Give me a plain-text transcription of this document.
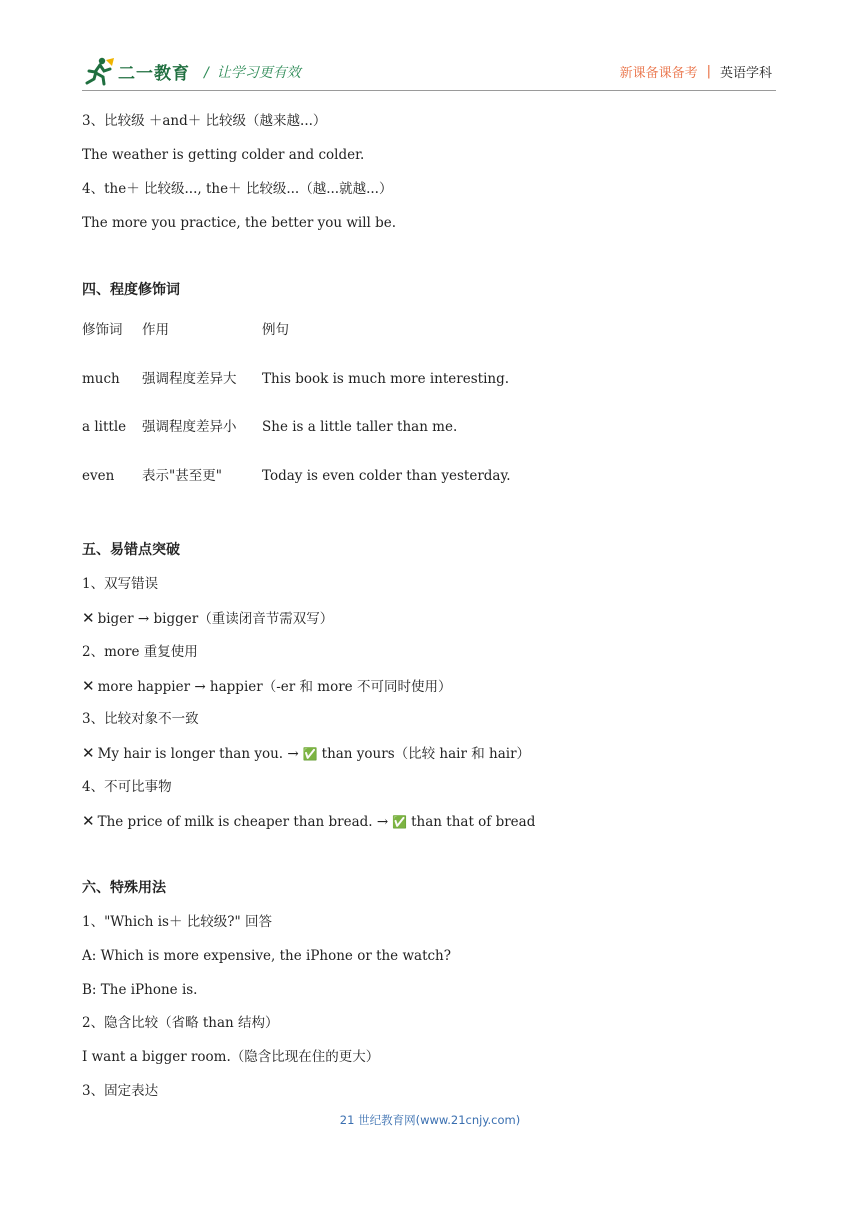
二一教育 / 让学习更有效	新课备课备考 | 英语学科
3、比较级 ＋and＋ 比较级（越来越...）
The weather is getting colder and colder.
4、the＋ 比较级..., the＋ 比较级...（越...就越...）
The more you practice, the better you will be.
四、程度修饰词
修饰词 作用	例句
much 强调程度差异大 This book is much more interesting.
a little 强调程度差异小 She is a little taller than me.
even 表示"甚至更"	Today is even colder than yesterday.
五、易错点突破
1、双写错误
✕ biger → bigger（重读闭音节需双写）
2、more 重复使用
✕ more happier → happier（-er 和 more 不可同时使用）
3、比较对象不一致
✕ My hair is longer than you. → ✅ than yours（比较 hair 和 hair）
4、不可比事物
✕ The price of milk is cheaper than bread. → ✅ than that of bread
六、特殊用法
1、"Which is＋ 比较级?" 回答
A: Which is more expensive, the iPhone or the watch?
B: The iPhone is.
2、隐含比较（省略 than 结构）
I want a bigger room.（隐含比现在住的更大）
3、固定表达
21 世纪教育网(www.21cnjy.com)
